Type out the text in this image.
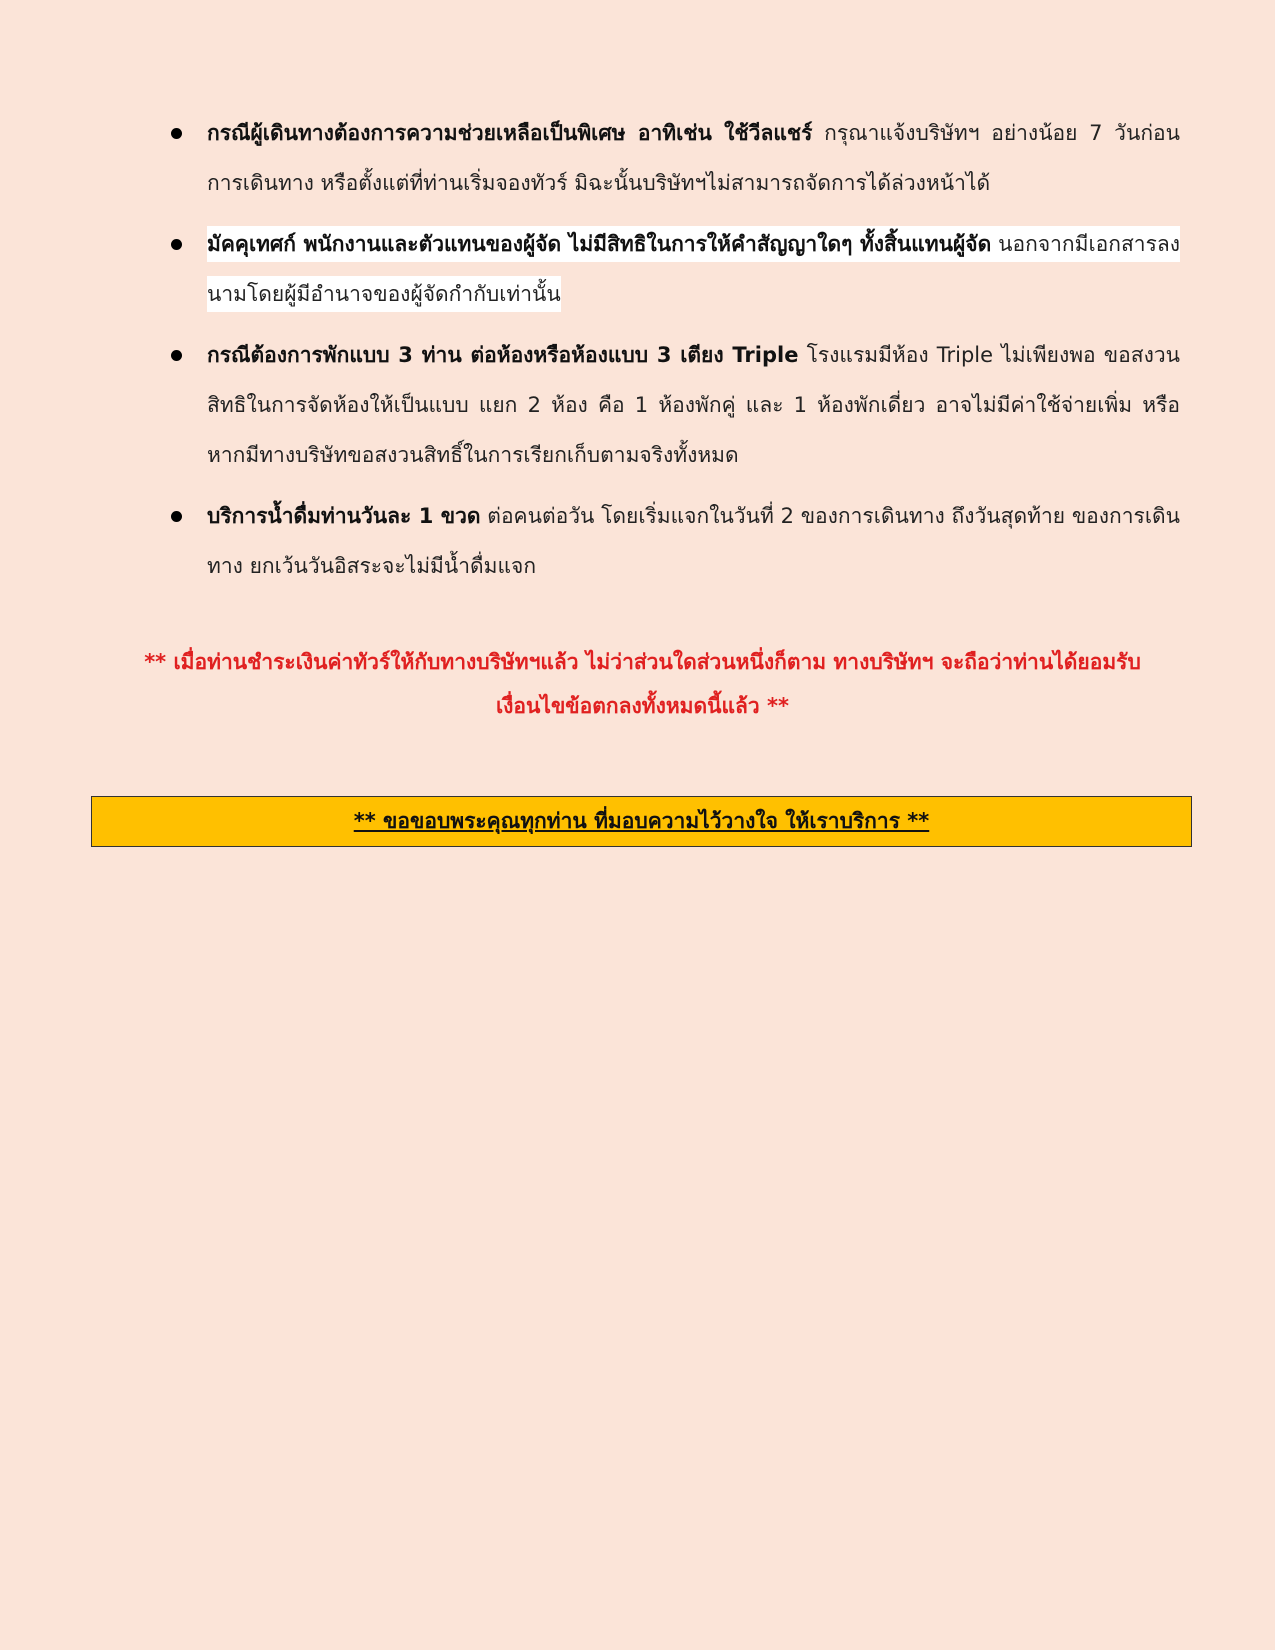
กรณีผู้เดินทางต้องการความช่วยเหลือเป็นพิเศษ อาทิเช่น ใช้วีลแชร์ กรุณาแจ้งบริษัทฯ อย่างน้อย 7 วันก่อนการเดินทาง หรือตั้งแต่ที่ท่านเริ่มจองทัวร์ มิฉะนั้นบริษัทฯไม่สามารถจัดการได้ล่วงหน้าได้
มัคคุเทศก์ พนักงานและตัวแทนของผู้จัด ไม่มีสิทธิในการให้คำสัญญาใดๆ ทั้งสิ้นแทนผู้จัด นอกจากมีเอกสารลงนามโดยผู้มีอำนาจของผู้จัดกำกับเท่านั้น
กรณีต้องการพักแบบ 3 ท่าน ต่อห้องหรือห้องแบบ 3 เตียง Triple โรงแรมมีห้อง Triple ไม่เพียงพอ ขอสงวนสิทธิในการจัดห้องให้เป็นแบบ แยก 2 ห้อง คือ 1 ห้องพักคู่ และ 1 ห้องพักเดี่ยว อาจไม่มีค่าใช้จ่ายเพิ่ม หรือ หากมีทางบริษัทขอสงวนสิทธิ์ในการเรียกเก็บตามจริงทั้งหมด
บริการน้ำดื่มท่านวันละ 1 ขวด ต่อคนต่อวัน โดยเริ่มแจกในวันที่ 2 ของการเดินทาง ถึงวันสุดท้าย ของการเดินทาง ยกเว้นวันอิสระจะไม่มีน้ำดื่มแจก
** เมื่อท่านชำระเงินค่าทัวร์ให้กับทางบริษัทฯแล้ว ไม่ว่าส่วนใดส่วนหนึ่งก็ตาม ทางบริษัทฯ จะถือว่าท่านได้ยอมรับเงื่อนไขข้อตกลงทั้งหมดนี้แล้ว **
** ขอขอบพระคุณทุกท่าน ที่มอบความไว้วางใจ ให้เราบริการ **
